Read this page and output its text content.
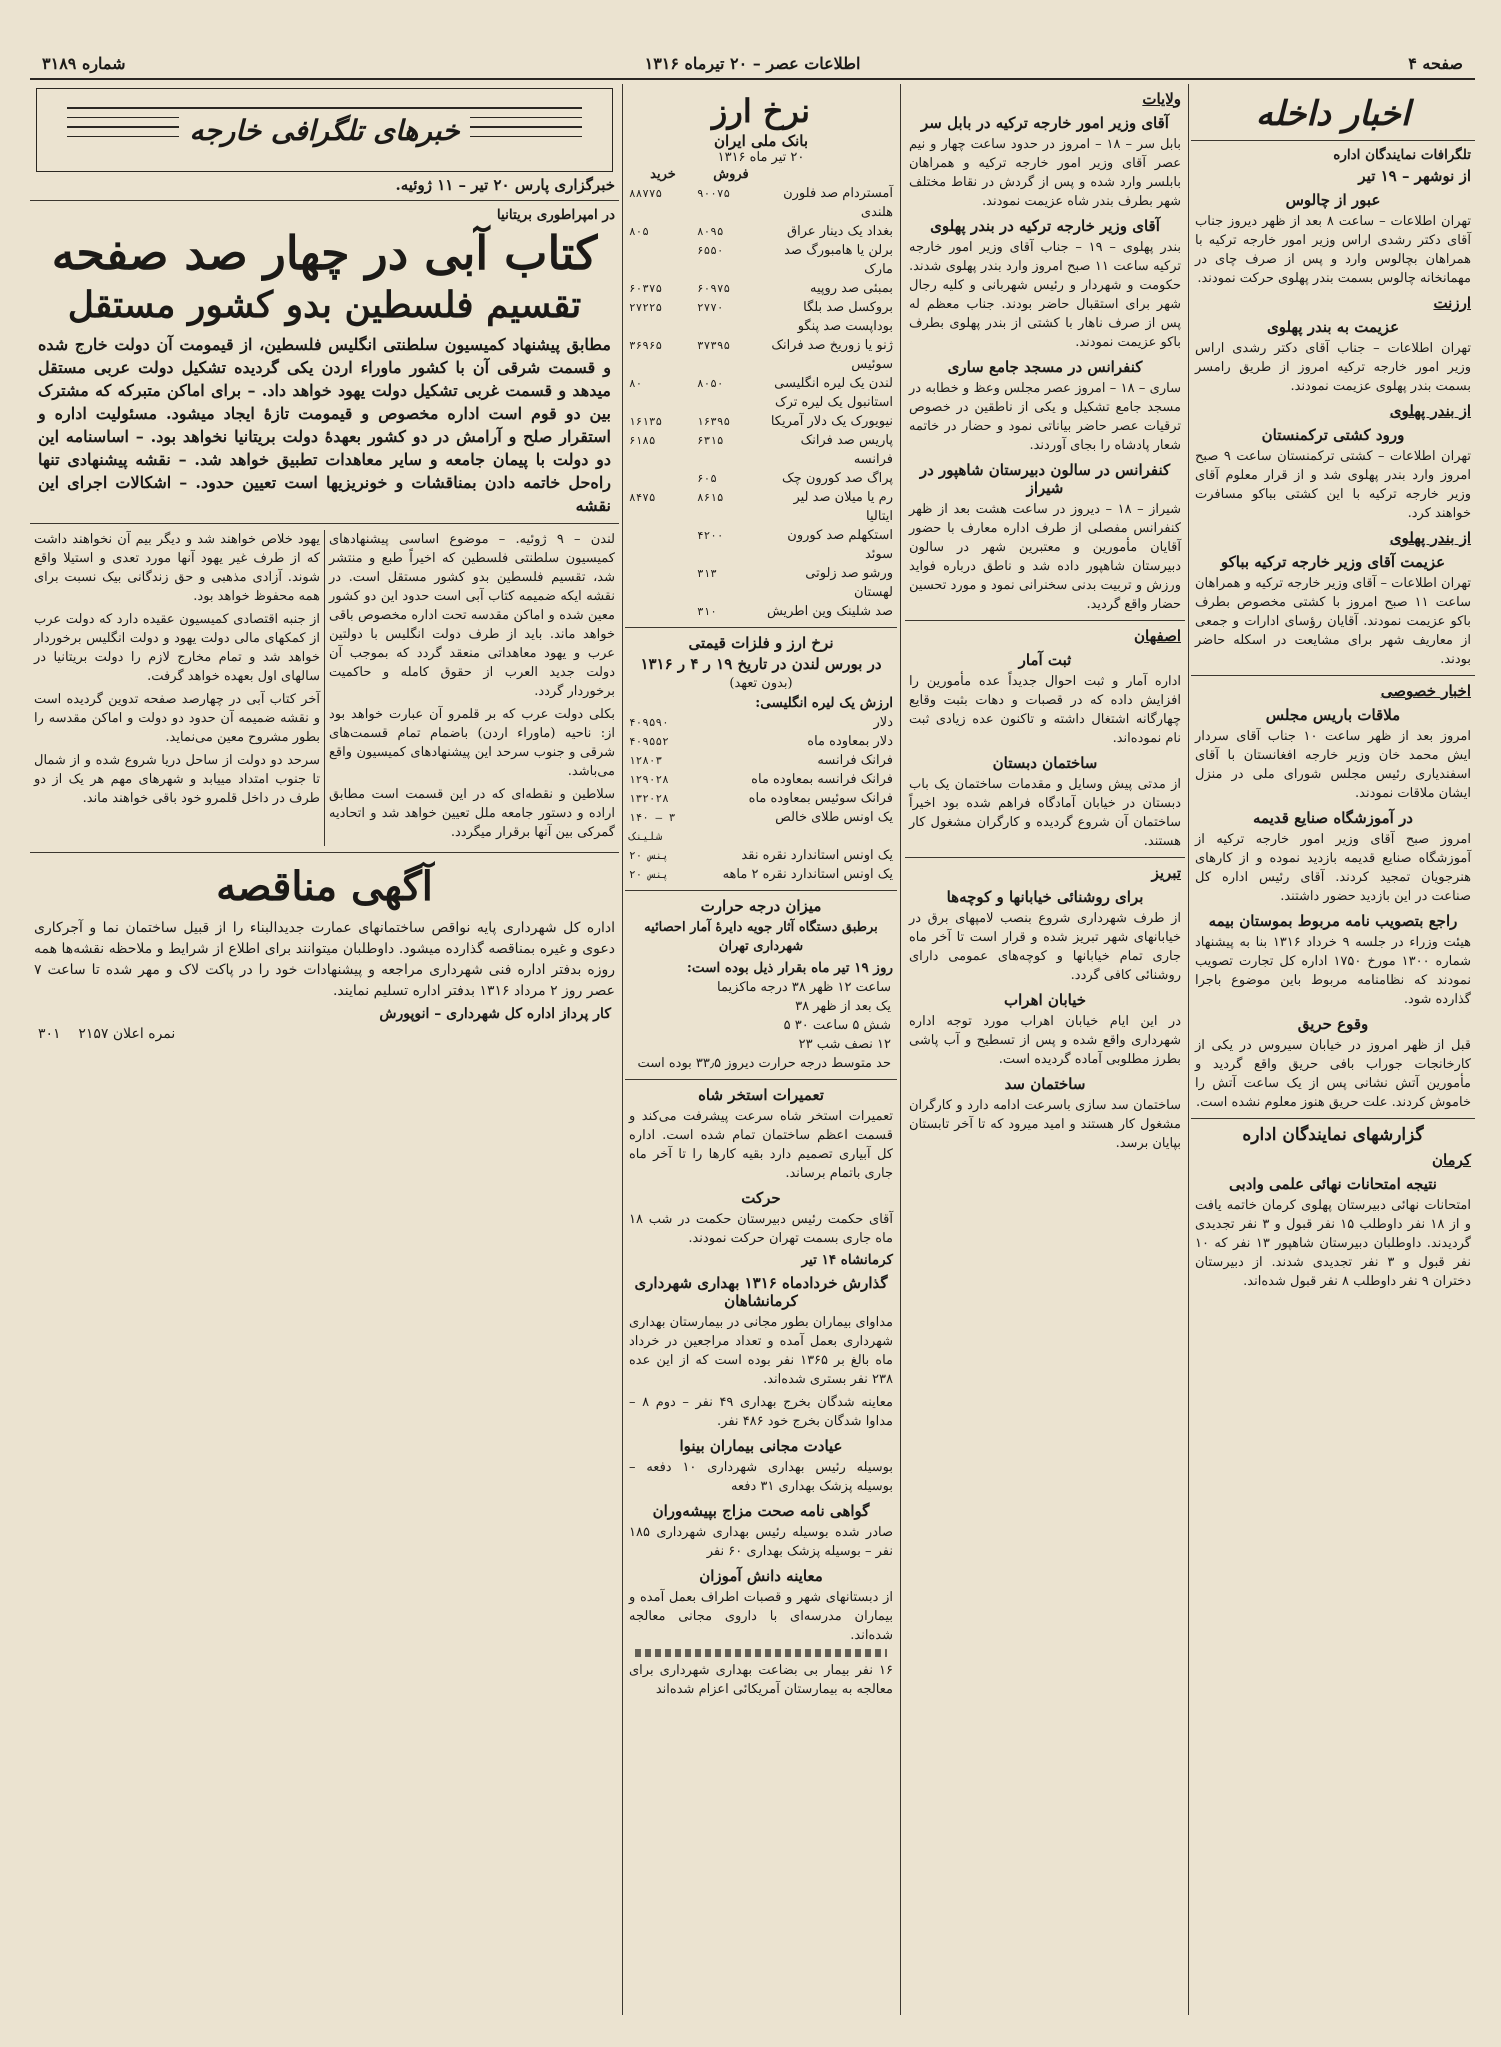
صفحه ۴
اطلاعات عصر – ۲۰ تیرماه ۱۳۱۶
شماره ۳۱۸۹
اخبار داخله
تلگرافات نمایندگان اداره
از نوشهر – ۱۹ تیر
عبور از چالوس
تهران اطلاعات – ساعت ۸ بعد از ظهر دیروز جناب آقای دکتر رشدی اراس وزیر امور خارجه ترکیه با همراهان بچالوس وارد و پس از صرف چای در مهمانخانه چالوس بسمت بندر پهلوی حرکت نمودند.
ارزنت
عزیمت به بندر پهلوی
تهران اطلاعات – جناب آقای دکتر رشدی اراس وزیر امور خارجه ترکیه امروز از طریق رامسر بسمت بندر پهلوی عزیمت نمودند.
از بندر پهلوی
ورود کشتی ترکمنستان
تهران اطلاعات – کشتی ترکمنستان ساعت ۹ صبح امروز وارد بندر پهلوی شد و از قرار معلوم آقای وزیر خارجه ترکیه با این کشتی بباکو مسافرت خواهند کرد.
از بندر پهلوی
عزیمت آقای وزیر خارجه ترکیه بباکو
تهران اطلاعات – آقای وزیر خارجه ترکیه و همراهان ساعت ۱۱ صبح امروز با کشتی مخصوص بطرف باکو عزیمت نمودند. آقایان رؤسای ادارات و جمعی از معاریف شهر برای مشایعت در اسکله حاضر بودند.
اخبار خصوصی
ملاقات باریس مجلس
امروز بعد از ظهر ساعت ۱۰ جناب آقای سردار ایش محمد خان وزیر خارجه افغانستان با آقای اسفندیاری رئیس مجلس شورای ملی در منزل ایشان ملاقات نمودند.
در آموزشگاه صنایع قدیمه
امروز صبح آقای وزیر امور خارجه ترکیه از آموزشگاه صنایع قدیمه بازدید نموده و از کارهای هنرجویان تمجید کردند. آقای رئیس اداره کل صناعت در این بازدید حضور داشتند.
راجع بتصویب نامه مربوط بموستان بیمه
هیئت وزراء در جلسه ۹ خرداد ۱۳۱۶ بنا به پیشنهاد شماره ۱۳۰۰ مورخ ۱۷۵۰ اداره کل تجارت تصویب نمودند که نظامنامه مربوط باین موضوع باجرا گذارده شود.
وقوع حریق
قبل از ظهر امروز در خیابان سیروس در یکی از کارخانجات جوراب بافی حریق واقع گردید و مأمورین آتش نشانی پس از یک ساعت آتش را خاموش کردند. علت حریق هنوز معلوم نشده است.
گزارشهای نمایندگان اداره
کرمان
نتیجه امتحانات نهائی علمی وادبی
امتحانات نهائی دبیرستان پهلوی کرمان خاتمه یافت و از ۱۸ نفر داوطلب ۱۵ نفر قبول و ۳ نفر تجدیدی گردیدند. داوطلبان دبیرستان شاهپور ۱۳ نفر که ۱۰ نفر قبول و ۳ نفر تجدیدی شدند. از دبیرستان دختران ۹ نفر داوطلب ۸ نفر قبول شده‌اند.
ولایات
آقای وزیر امور خارجه ترکیه در بابل سر
بابل سر – ۱۸ – امروز در حدود ساعت چهار و نیم عصر آقای وزیر امور خارجه ترکیه و همراهان بابلسر وارد شده و پس از گردش در نقاط مختلف شهر بطرف بندر شاه عزیمت نمودند.
آقای وزیر خارجه ترکیه در بندر پهلوی
بندر پهلوی – ۱۹ – جناب آقای وزیر امور خارجه ترکیه ساعت ۱۱ صبح امروز وارد بندر پهلوی شدند. حکومت و شهردار و رئیس شهربانی و کلیه رجال شهر برای استقبال حاضر بودند. جناب معظم له پس از صرف ناهار با کشتی از بندر پهلوی بطرف باکو عزیمت نمودند.
کنفرانس در مسجد جامع ساری
ساری – ۱۸ – امروز عصر مجلس وعظ و خطابه در مسجد جامع تشکیل و یکی از ناطقین در خصوص ترقیات عصر حاضر بیاناتی نمود و حضار در خاتمه شعار پادشاه را بجای آوردند.
کنفرانس در سالون دبیرستان شاهپور در شیراز
شیراز – ۱۸ – دیروز در ساعت هشت بعد از ظهر کنفرانس مفصلی از طرف اداره معارف با حضور آقایان مأمورین و معتبرین شهر در سالون دبیرستان شاهپور داده شد و ناطق درباره فواید ورزش و تربیت بدنی سخنرانی نمود و مورد تحسین حضار واقع گردید.
اصفهان
ثبت آمار
اداره آمار و ثبت احوال جدیداً عده مأمورین را افزایش داده که در قصبات و دهات بثبت وقایع چهارگانه اشتغال داشته و تاکنون عده زیادی ثبت نام نموده‌اند.
ساختمان دبستان
از مدتی پیش وسایل و مقدمات ساختمان یک باب دبستان در خیابان آمادگاه فراهم شده بود اخیراً ساختمان آن شروع گردیده و کارگران مشغول کار هستند.
تبریز
برای روشنائی خیابانها و کوچه‌ها
از طرف شهرداری شروع بنصب لامپهای برق در خیابانهای شهر تبریز شده و قرار است تا آخر ماه جاری تمام خیابانها و کوچه‌های عمومی دارای روشنائی کافی گردد.
خیابان اهراب
در این ایام خیابان اهراب مورد توجه اداره شهرداری واقع شده و پس از تسطیح و آب پاشی بطرز مطلوبی آماده گردیده است.
ساختمان سد
ساختمان سد سازی باسرعت ادامه دارد و کارگران مشغول کار هستند و امید میرود که تا آخر تابستان بپایان برسد.
نرخ ارز
بانک ملی ایران
۲۰ تیر ماه ۱۳۱۶
فروش
خرید
آمستردام صد فلورن هلندی
۹۰۰۷۵
۸۸۷۷۵
بغداد یک دینار عراق
۸۰۹۵
۸۰۵
برلن یا هامبورگ صد مارک
۶۵۵۰
بمبئی صد روپیه
۶۰۹۷۵
۶۰۳۷۵
بروکسل صد بلگا
۲۷۷۰
۲۷۲۲۵
بوداپست صد پنگو
ژنو یا زوریخ صد فرانک سوئیس
۳۷۳۹۵
۳۶۹۶۵
لندن یک لیره انگلیسی
۸۰۵۰
۸۰
استانبول یک لیره ترک
نیویورک یک دلار آمریکا
۱۶۳۹۵
۱۶۱۳۵
پاریس صد فرانک فرانسه
۶۳۱۵
۶۱۸۵
پراگ صد کورون چک
۶۰۵
رم یا میلان صد لیر ایتالیا
۸۶۱۵
۸۴۷۵
استکهلم صد کورون سوئد
۴۲۰۰
ورشو صد زلوتی لهستان
۳۱۳
صد شلینک وین اطریش
۳۱۰
نرخ ارز و فلزات قیمتی
در بورس لندن در تاریخ ۱۹ ر ۴ ر ۱۳۱۶
(بدون تعهد)
ارزش یک لیره انگلیسی:
دلار
۴۰۹۵۹۰
دلار بمعاوده ماه
۴۰۹۵۵۲
فرانک فرانسه
۱۲۸۰۳
فرانک فرانسه بمعاوده ماه
۱۲۹۰۲۸
فرانک سوئیس بمعاوده ماه
۱۳۲۰۲۸
یک اونس طلای خالص
۱۴۰ – ۳ شلینک
یک اونس استاندارد نقره نقد
۲۰ پنس
یک اونس استاندارد نقره ۲ ماهه
۲۰ پنس
میزان درجه حرارت
برطبق دستگاه آثار جویه دایرهٔ آمار احصائیه شهرداری تهران
روز ۱۹ تیر ماه بقرار ذیل بوده است:
ساعت ۱۲ ظهر ۳۸ درجه ماکزیما
یک بعد از ظهر ۳۸
شش ۵ ساعت ۳۰ ۵
۱۲ نصف شب ۲۳
حد متوسط درجه حرارت دیروز ۳۳٫۵ بوده است
تعمیرات استخر شاه
تعمیرات استخر شاه سرعت پیشرفت می‌کند و قسمت اعظم ساختمان تمام شده است. اداره کل آبیاری تصمیم دارد بقیه کارها را تا آخر ماه جاری باتمام برساند.
حرکت
آقای حکمت رئیس دبیرستان حکمت در شب ۱۸ ماه جاری بسمت تهران حرکت نمودند.
کرمانشاه ۱۴ تیر
گذارش خردادماه ۱۳۱۶ بهداری شهرداری کرمانشاهان
مداوای بیماران بطور مجانی در بیمارستان بهداری شهرداری بعمل آمده و تعداد مراجعین در خرداد ماه بالغ بر ۱۳۶۵ نفر بوده است که از این عده ۲۳۸ نفر بستری شده‌اند.
معاینه شدگان بخرج بهداری ۴۹ نفر – دوم ۸ – مداوا شدگان بخرج خود ۴۸۶ نفر.
عیادت مجانی بیماران بینوا
بوسیله رئیس بهداری شهرداری ۱۰ دفعه – بوسیله پزشک بهداری ۳۱ دفعه
گواهی نامه صحت مزاج بپیشه‌وران
صادر شده بوسیله رئیس بهداری شهرداری ۱۸۵ نفر – بوسیله پزشک بهداری ۶۰ نفر
معاینه دانش آموزان
از دبستانهای شهر و قصبات اطراف بعمل آمده و بیماران مدرسه‌ای با داروی مجانی معالجه شده‌اند.
۱۶ نفر بیمار بی بضاعت بهداری شهرداری برای معالجه به بیمارستان آمریکائی اعزام شده‌اند
خبرهای تلگرافی خارجه
خبرگزاری پارس ۲۰ تیر – ۱۱ ژوئیه.
در امپراطوری بریتانیا
کتاب آبی در چهار صد صفحه
تقسیم فلسطین بدو کشور مستقل
مطابق پیشنهاد کمیسیون سلطنتی انگلیس فلسطین، از قیمومت آن دولت خارج شده و قسمت شرقی آن با کشور ماوراء اردن یکی گردیده تشکیل دولت عربی مستقل میدهد و قسمت غربی تشکیل دولت یهود خواهد داد. – برای اماکن متبرکه که مشترک بین دو قوم است اداره مخصوص و قیمومت تازهٔ ایجاد میشود. مسئولیت اداره و استقرار صلح و آرامش در دو کشور بعهدهٔ دولت بریتانیا نخواهد بود. – اساسنامه این دو دولت با پیمان جامعه و سایر معاهدات تطبیق خواهد شد. – نقشه پیشنهادی تنها راه‌حل خاتمه دادن بمناقشات و خونریزیها است تعیین حدود. – اشکالات اجرای این نقشه
لندن – ۹ ژوئیه. – موضوع اساسی پیشنهادهای کمیسیون سلطنتی فلسطین که اخیراً طبع و منتشر شد، تقسیم فلسطین بدو کشور مستقل است. در نقشه ایکه ضمیمه کتاب آبی است حدود این دو کشور معین شده و اماکن مقدسه تحت اداره مخصوص باقی خواهد ماند. باید از طرف دولت انگلیس با دولتین عرب و یهود معاهداتی منعقد گردد که بموجب آن دولت جدید العرب از حقوق کامله و حاکمیت برخوردار گردد.
بکلی دولت عرب که بر قلمرو آن عبارت خواهد بود از: ناحیه (ماوراء اردن) باضمام تمام قسمت‌های شرقی و جنوب سرحد این پیشنهادهای کمیسیون واقع می‌باشد.
سلاطین و نقطه‌ای که در این قسمت است مطابق اراده و دستور جامعه ملل تعیین خواهد شد و اتحادیه گمرکی بین آنها برقرار میگردد.
یهود خلاص خواهند شد و دیگر بیم آن نخواهند داشت که از طرف غیر یهود آنها مورد تعدی و استیلا واقع شوند. آزادی مذهبی و حق زندگانی بیک نسبت برای همه محفوظ خواهد بود.
از جنبه اقتصادی کمیسیون عقیده دارد که دولت عرب از کمکهای مالی دولت یهود و دولت انگلیس برخوردار خواهد شد و تمام مخارج لازم را دولت بریتانیا در سالهای اول بعهده خواهد گرفت.
آخر کتاب آبی در چهارصد صفحه تدوین گردیده است و نقشه ضمیمه آن حدود دو دولت و اماکن مقدسه را بطور مشروح معین می‌نماید.
سرحد دو دولت از ساحل دریا شروع شده و از شمال تا جنوب امتداد مییابد و شهرهای مهم هر یک از دو طرف در داخل قلمرو خود باقی خواهند ماند.
آگهی مناقصه
اداره کل شهرداری پایه نواقص ساختمانهای عمارت جدیدالبناء را از قبیل ساختمان نما و آجرکاری دعوی و غیره بمناقصه گذارده میشود. داوطلبان میتوانند برای اطلاع از شرایط و ملاحظه نقشه‌ها همه روزه بدفتر اداره فنی شهرداری مراجعه و پیشنهادات خود را در پاکت لاک و مهر شده تا ساعت ۷ عصر روز ۲ مرداد ۱۳۱۶ بدفتر اداره تسلیم نمایند.
کار پرداز اداره کل شهرداری – انوپورش
نمره اعلان ۲۱۵۷    ۳۰۱
